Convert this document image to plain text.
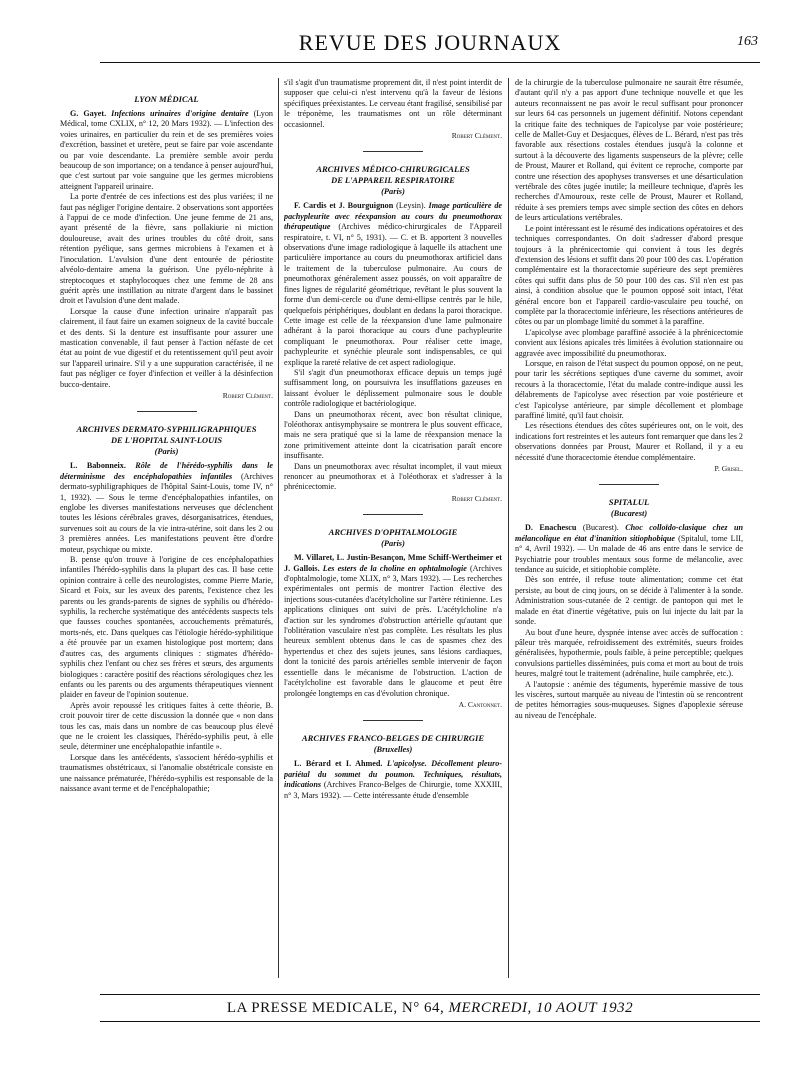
REVUE DES JOURNAUX	163
LYON MÉDICAL

G. Gayet. Infections urinaires d'origine dentaire (Lyon Médical, tome CXLIX, n° 12, 20 Mars 1932). — L'infection des voies urinaires, en particulier du rein et de ses premières voies d'excrétion, bassinet et uretère, peut se faire par voie ascendante ou par voie descendante. La première semble avoir perdu beaucoup de son importance; on a tendance à penser aujourd'hui, que c'est surtout par voie sanguine que les germes microbiens atteignent l'appareil urinaire.

La porte d'entrée de ces infections est des plus variées; il ne faut pas négliger l'origine dentaire. 2 observations sont apportées à l'appui de ce mode d'infection. Une jeune femme de 21 ans, ayant présenté de la fièvre, sans pollakiurie ni miction douloureuse, avait des urines troubles du côté droit, sans rétention pyélique, sans germes microbiens à l'examen et à l'inoculation. L'avulsion d'une dent entourée de périostite alvéolo-dentaire amena la guérison. Une pyélo-néphrite à streptocoques et staphylocoques chez une femme de 28 ans guérit après une instillation au nitrate d'argent dans le bassinet droit et l'avulsion d'une dent malade.

Lorsque la cause d'une infection urinaire n'apparaît pas clairement, il faut faire un examen soigneux de la cavité buccale et des dents. Si la denture est insuffisante pour assurer une mastication convenable, il faut penser à l'action néfaste de cet état au point de vue digestif et du retentissement qu'il peut avoir sur l'appareil urinaire. S'il y a une suppuration caractérisée, il ne faut pas négliger ce foyer d'infection et veiller à la désinfection bucco-dentaire.

Robert Clément.
ARCHIVES DERMATO-SYPHILIGRAPHIQUES
DE L'HOPITAL SAINT-LOUIS
(Paris)

L. Babonneix. Rôle de l'hérédo-syphilis dans le déterminisme des encéphalopathies infantiles (Archives dermato-syphiligraphiques de l'hôpital Saint-Louis, tome IV, n° 1, 1932). — Sous le terme d'encéphalopathies infantiles, on englobe les diverses manifestations nerveuses que déclenchent toutes les lésions cérébrales graves, désorganisatrices, étendues, survenues soit au cours de la vie intra-utérine, soit dans les 2 ou 3 premières années. Les manifestations peuvent être d'ordre moteur, psychique ou mixte.

B. pense qu'on trouve à l'origine de ces encéphalopathies infantiles l'hérédo-syphilis dans la plupart des cas. Il base cette opinion contraire à celle des neurologistes, comme Pierre Marie, Sicard et Foix, sur les aveux des parents, l'existence chez les parents ou les grands-parents de signes de syphilis ou d'hérédo-syphilis, la recherche systématique des antécédents suspects tels que fausses couches spontanées, accouchements prématurés, morts-nés, etc. Dans quelques cas l'étiologie hérédo-syphilitique a été prouvée par un examen histologique post mortem; dans d'autres cas, des arguments cliniques : stigmates d'hérédo-syphilis chez l'enfant ou chez ses frères et sœurs, des arguments biologiques : caractère positif des réactions sérologiques chez les enfants ou les parents ou des arguments thérapeutiques viennent plaider en faveur de l'opinion soutenue.

Après avoir repoussé les critiques faites à cette théorie, B. croit pouvoir tirer de cette discussion la donnée que « non dans tous les cas, mais dans un nombre de cas beaucoup plus élevé que ne le croient les classiques, l'hérédo-syphilis peut, à elle seule, déterminer une encéphalopathie infantile ».

Lorsque dans les antécédents, s'associent hérédo-syphilis et traumatismes obstétricaux, si l'anomalie obstétricale consiste en une naissance prématurée, l'hérédo-syphilis est responsable de la naissance avant terme et de l'encéphalopathie;

s'il s'agit d'un traumatisme proprement dit, il n'est point interdit de supposer que celui-ci n'est intervenu qu'à la faveur de lésions spécifiques préexistantes. Le cerveau étant fragilisé, sensibilisé par le tréponème, les traumatismes ont un rôle déterminant occasionnel.

Robert Clément.
ARCHIVES MÉDICO-CHIRURGICALES
DE L'APPAREIL RESPIRATOIRE
(Paris)

F. Cardis et J. Bourguignon (Leysin). Image particulière de pachypleurite avec réexpansion au cours du pneumothorax thérapeutique (Archives médico-chirurgicales de l'Appareil respiratoire, t. VI, n° 5, 1931). — C. et B. apportent 3 nouvelles observations d'une image radiologique à laquelle ils attachent une particulière importance au cours du pneumothorax artificiel dans le traitement de la tuberculose pulmonaire. Au cours de pneumothorax généralement assez poussés, on voit apparaître de fines lignes de régularité géométrique, revêtant le plus souvent la forme d'un demi-cercle ou d'une demi-ellipse centrés par le hile, quelquefois périphériques, doublant en dedans la paroi thoracique. Cette image est celle de la réexpansion d'une lame pulmonaire adhérant à la paroi thoracique au cours d'une pachypleurite compliquant le pneumothorax. Pour réaliser cette image, pachypleurite et synéchie pleurale sont indispensables, ce qui explique la rareté relative de cet aspect radiologique.

S'il s'agit d'un pneumothorax efficace depuis un temps jugé suffisamment long, on poursuivra les insufflations gazeuses en laissant évoluer le déplissement pulmonaire sous le double contrôle radiologique et bactériologique.

Dans un pneumothorax récent, avec bon résultat clinique, l'oléothorax antisymphysaire se montrera le plus souvent efficace, mais ne sera pratiqué que si la lame de réexpansion menace la zone primitivement atteinte dont la cicatrisation paraît encore insuffisante.

Dans un pneumothorax avec résultat incomplet, il vaut mieux renoncer au pneumothorax et à l'oléothorax et s'adresser à la phrénicectomie.

Robert Clément.
ARCHIVES D'OPHTALMOLOGIE
(Paris)

M. Villaret, L. Justin-Besançon, Mme Schiff-Wertheimer et J. Gallois. Les esters de la choline en ophtalmologie (Archives d'ophtalmologie, tome XLIX, n° 3, Mars 1932). — Les recherches expérimentales ont permis de montrer l'action élective des injections sous-cutanées d'acétylcholine sur l'artère rétinienne. Les applications cliniques ont suivi de près. L'acétylcholine n'a d'action sur les syndromes d'obstruction artérielle qu'autant que l'oblitération vasculaire n'est pas complète. Les résultats les plus heureux semblent obtenus dans le cas de spasmes chez des hypertendus et chez des sujets jeunes, sans lésions cardiaques, dont la tonicité des parois artérielles semble intervenir de façon essentielle dans le mécanisme de l'obstruction. L'action de l'acétylcholine est favorable dans le glaucome et peut être prolongée longtemps en cas d'évolution chronique.

A. Cantonnet.
ARCHIVES FRANCO-BELGES DE CHIRURGIE
(Bruxelles)

L. Bérard et I. Ahmed. L'apicolyse. Décollement pleuro-pariétal du sommet du poumon. Techniques, résultats, indications (Archives Franco-Belges de Chirurgie, tome XXXIII, n° 3, Mars 1932). — Cette intéressante étude d'ensemble

de la chirurgie de la tuberculose pulmonaire ne saurait être résumée, d'autant qu'il n'y a pas apport d'une technique nouvelle et que les auteurs reconnaissent ne pas avoir le recul suffisant pour prononcer sur leurs 64 cas personnels un jugement définitif. Notons cependant la critique faite des techniques de l'apicolyse par voie postérieure; celle de Mallet-Guy et Desjacques, élèves de L. Bérard, n'est pas très favorable aux résections costales étendues jusqu'à la colonne et surtout à la découverte des ligaments suspenseurs de la plèvre; celle de Proust, Maurer et Rolland, qui évitent ce reproche, comporte par contre une résection des apophyses transverses et une désarticulation vertébrale des côtes jugée inutile; la meilleure technique, d'après les recherches d'Amouroux, reste celle de Proust, Maurer et Rolland, réduite à ses premiers temps avec simple section des côtes en dehors de leurs articulations vertébrales.

Le point intéressant est le résumé des indications opératoires et des techniques correspondantes. On doit s'adresser d'abord presque toujours à la phrénicectomie qui convient à tous les degrés d'extension des lésions et suffit dans 20 pour 100 des cas. L'opération complémentaire est la thoracectomie supérieure des sept premières côtes qui suffit dans plus de 50 pour 100 des cas. S'il n'en est pas ainsi, à condition absolue que le poumon opposé soit intact, l'état général encore bon et l'appareil cardio-vasculaire peu touché, on complète par la thoracectomie inférieure, les résections antérieures de côtes ou par un plombage limité du sommet à la paraffine.

L'apicolyse avec plombage paraffiné associée à la phrénicectomie convient aux lésions apicales très limitées à évolution stationnaire ou aggravée avec impossibilité du pneumothorax.

Lorsque, en raison de l'état suspect du poumon opposé, on ne peut, pour tarir les sécrétions septiques d'une caverne du sommet, avoir recours à la thoracectomie, l'état du malade contre-indique aussi les délabrements de l'apicolyse avec résection par voie postérieure et c'est l'apicolyse antérieure, par simple décollement et plombage paraffiné limité, qu'il faut choisir.

Les résections étendues des côtes supérieures ont, on le voit, des indications fort restreintes et les auteurs font remarquer que dans les 2 observations données par Proust, Maurer et Rolland, il y a eu nécessité d'une thoracectomie étendue complémentaire.

P. Grisel.
SPITALUL
(Bucarest)

D. Enachescu (Bucarest). Choc colloïdo-clasique chez un mélancolique en état d'inanition sitiophobique (Spitalul, tome LII, n° 4, Avril 1932). — Un malade de 46 ans entre dans le service de Psychiatrie pour troubles mentaux sous forme de mélancolie, avec tendance au suicide, et sitiophobie complète.

Dès son entrée, il refuse toute alimentation; comme cet état persiste, au bout de cinq jours, on se décide à l'alimenter à la sonde. Administration sous-cutanée de 2 centigr. de pantopon qui met le malade en état d'inertie végétative, puis on lui injecte du lait par la sonde.

Au bout d'une heure, dyspnée intense avec accès de suffocation : pâleur très marquée, refroidissement des extrémités, sueurs froides généralisées, hypothermie, pouls faible, à peine perceptible; quelques convulsions partielles disséminées, puis coma et mort au bout de trois heures, malgré tout le traitement (adrénaline, huile camphrée, etc.).

A l'autopsie : anémie des téguments, hyperémie massive de tous les viscères, surtout marquée au niveau de l'intestin où se rencontrent de petites hémorragies sous-muqueuses. Signes d'apoplexie séreuse au niveau de l'encéphale.

LA PRESSE MEDICALE, N° 64, MERCREDI, 10 AOUT 1932
